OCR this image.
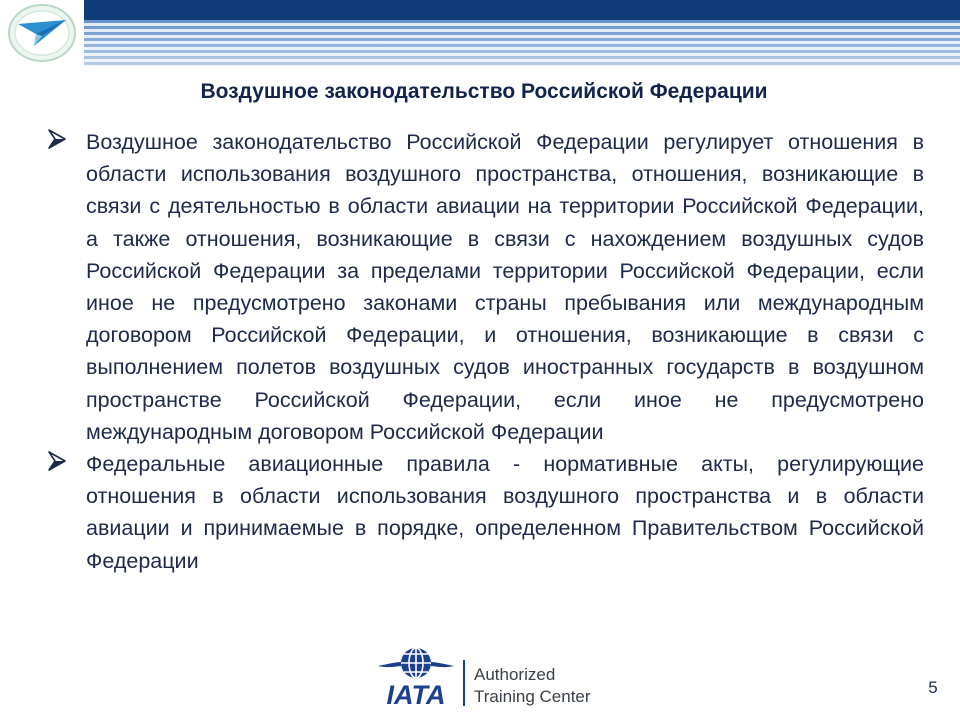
Воздушное законодательство Российской Федерации

Воздушное законодательство Российской Федерации регулирует отношения в области использования воздушного пространства, отношения, возникающие в связи с деятельностью в области авиации на территории Российской Федерации, а также отношения, возникающие в связи с нахождением воздушных судов Российской Федерации за пределами территории Российской Федерации, если иное не предусмотрено законами страны пребывания или международным договором Российской Федерации, и отношения, возникающие в связи с выполнением полетов воздушных судов иностранных государств в воздушном пространстве Российской Федерации, если иное не предусмотрено международным договором Российской Федерации

Федеральные авиационные правила - нормативные акты, регулирующие отношения в области использования воздушного пространства и в области авиации и принимаемые в порядке, определенном Правительством Российской Федерации

IATA
Authorized
Training Center	5
